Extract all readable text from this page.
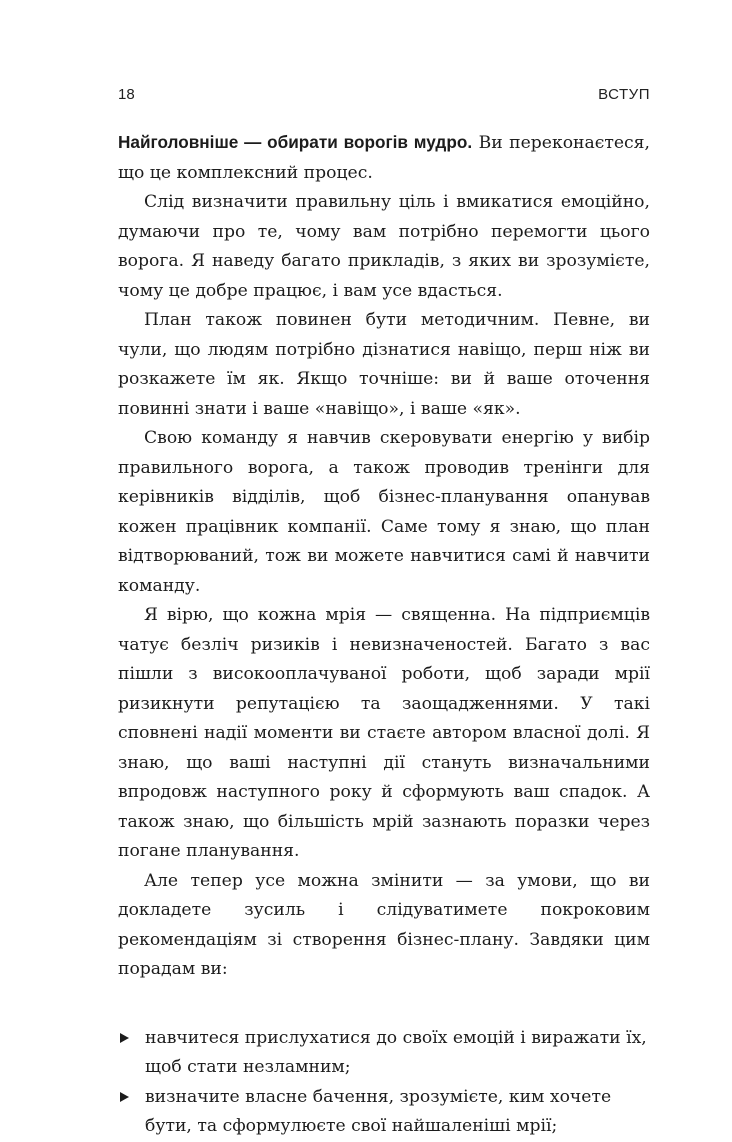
18	ВСТУП

Найголовніше — обирати ворогів мудро. Ви переконаєтеся, що це комплексний процес.

Слід визначити правильну ціль і вмикатися емоційно, думаючи про те, чому вам потрібно перемогти цього ворога. Я наведу багато прикладів, з яких ви зрозумієте, чому це добре працює, і вам усе вдасться.

План також повинен бути методичним. Певне, ви чули, що людям потрібно дізнатися навіщо, перш ніж ви розкажете їм як. Якщо точніше: ви й ваше оточення повинні знати і ваше «навіщо», і ваше «як».

Свою команду я навчив скеровувати енергію у вибір правильного ворога, а також проводив тренінги для керівників відділів, щоб бізнес-планування опанував кожен працівник компанії. Саме тому я знаю, що план відтворюваний, тож ви можете навчитися самі й навчити команду.

Я вірю, що кожна мрія — священна. На підприємців чатує безліч ризиків і невизначеностей. Багато з вас пішли з високооплачуваної роботи, щоб заради мрії ризикнути репутацією та заощадженнями. У такі сповнені надії моменти ви стаєте автором власної долі. Я знаю, що ваші наступні дії стануть визначальними впродовж наступного року й сформують ваш спадок. А також знаю, що більшість мрій зазнають поразки через погане планування.

Але тепер усе можна змінити — за умови, що ви докладете зусиль і слідуватимете покроковим рекомендаціям зі створення бізнес-плану. Завдяки цим порадам ви:

навчитеся прислухатися до своїх емоцій і виражати їх, щоб стати незламним;
визначите власне бачення, зрозумієте, ким хочете бути, та сформулюєте свої найшаленіші мрії;
